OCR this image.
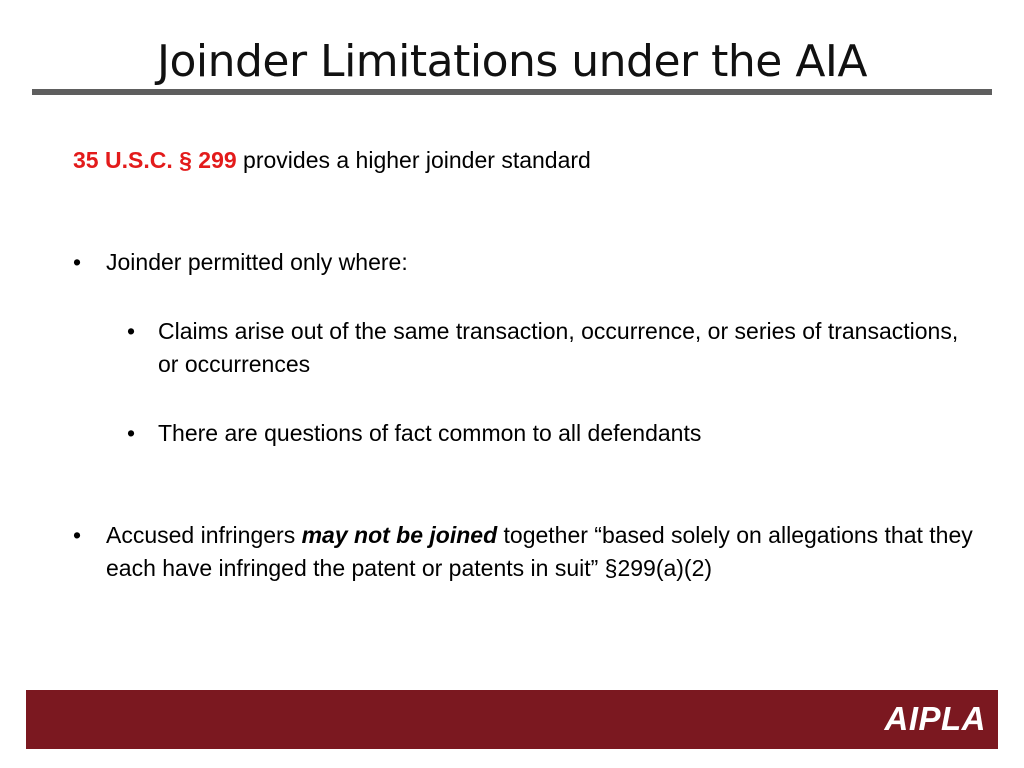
Joinder Limitations under the AIA
35 U.S.C. § 299 provides a higher joinder standard
• Joinder permitted only where:
• Claims arise out of the same transaction, occurrence, or series of transactions, or occurrences
• There are questions of fact common to all defendants
• Accused infringers may not be joined together “based solely on allegations that they each have infringed the patent or patents in suit” §299(a)(2)
AIPLA
